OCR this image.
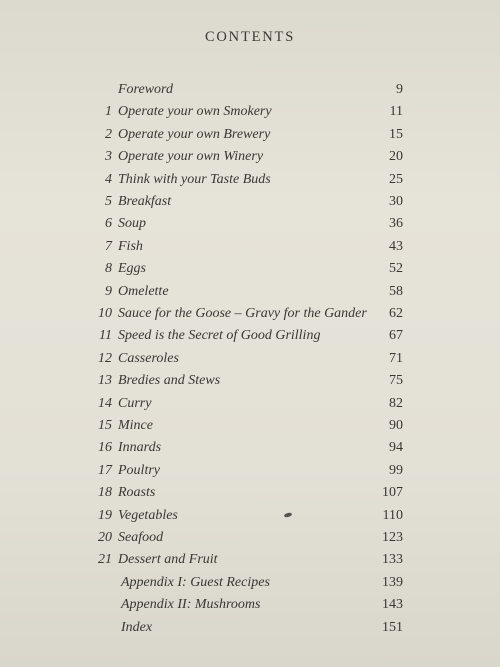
CONTENTS
Foreword	9
1 Operate your own Smokery	11
2 Operate your own Brewery	15
3 Operate your own Winery	20
4 Think with your Taste Buds	25
5 Breakfast	30
6 Soup	36
7 Fish	43
8 Eggs	52
9 Omelette	58
10 Sauce for the Goose – Gravy for the Gander 62
11 Speed is the Secret of Good Grilling	67
12 Casseroles	71
13 Bredies and Stews	75
14 Curry	82
15 Mince	90
16 Innards	94
17 Poultry	99
18 Roasts	107
19 Vegetables	110
20 Seafood	123
21 Dessert and Fruit	133
Appendix I: Guest Recipes	139
Appendix II: Mushrooms	143
Index	151
